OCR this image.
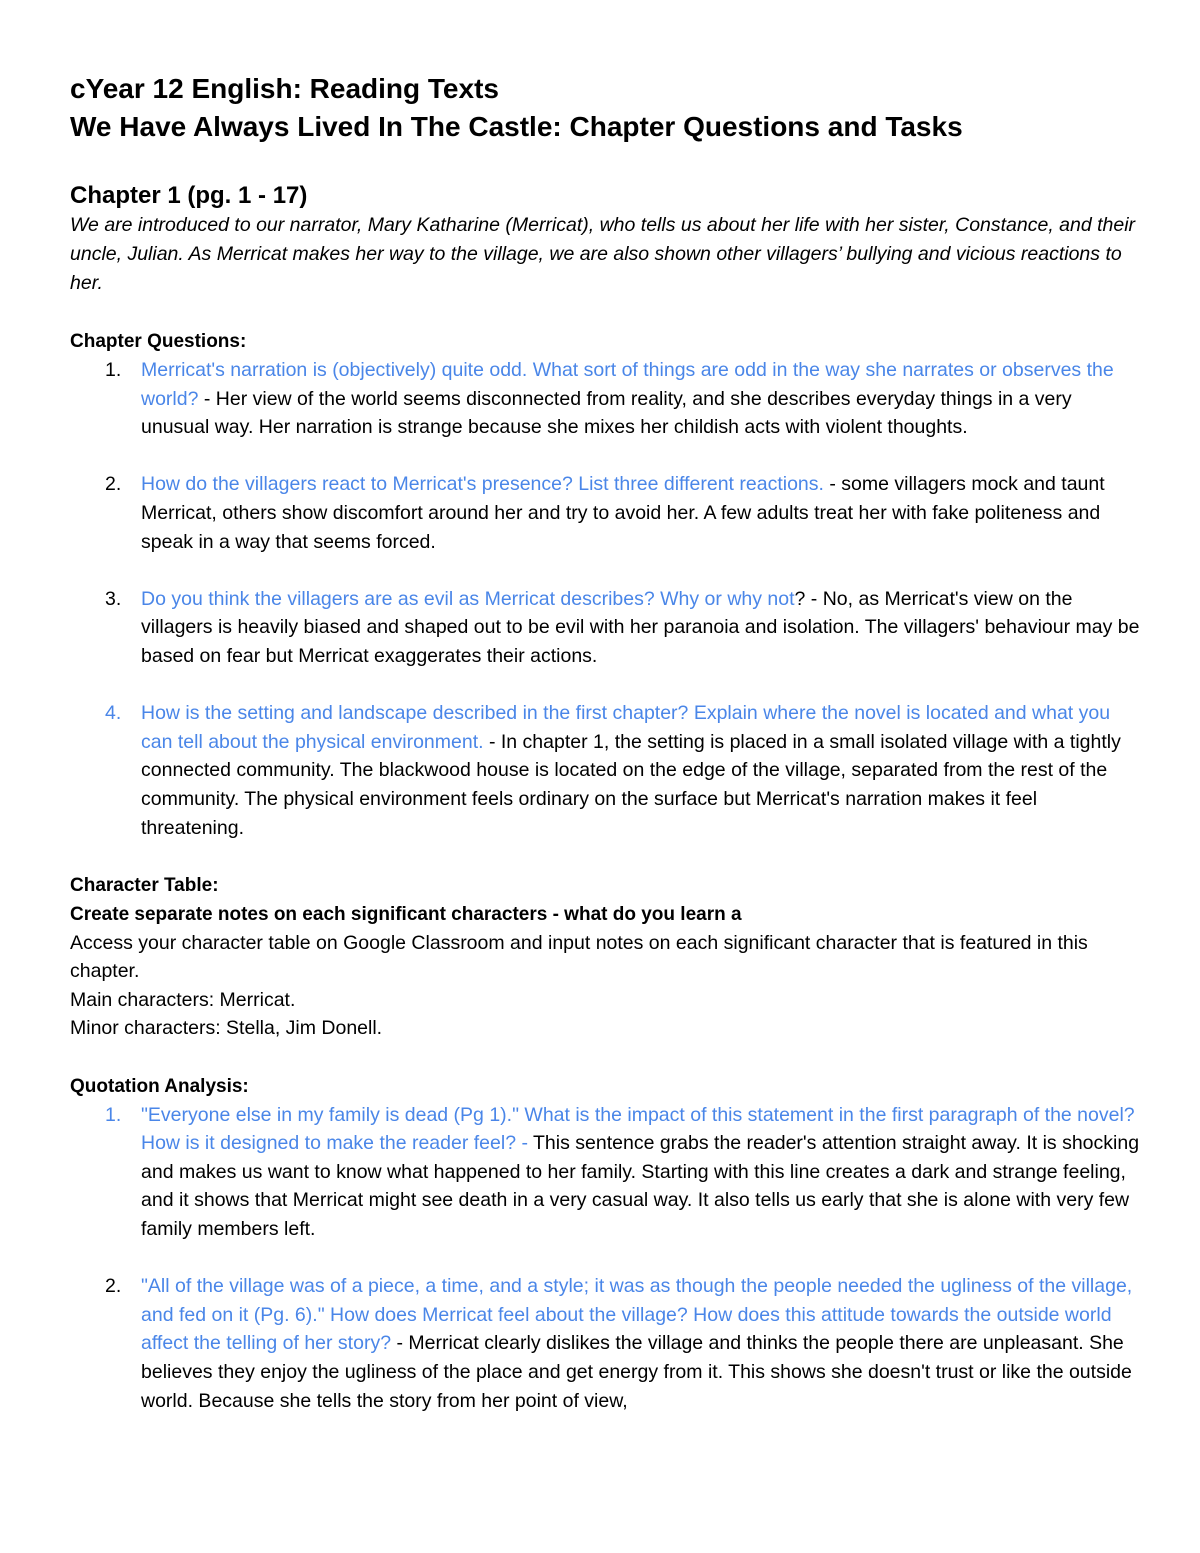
cYear 12 English: Reading Texts
We Have Always Lived In The Castle: Chapter Questions and Tasks
Chapter 1 (pg. 1 - 17)

We are introduced to our narrator, Mary Katharine (Merricat), who tells us about her life with her sister, Constance, and their uncle, Julian. As Merricat makes her way to the village, we are also shown other villagers’ bullying and vicious reactions to her.

Chapter Questions:

1. Merricat's narration is (objectively) quite odd. What sort of things are odd in the way she narrates or observes the world? - Her view of the world seems disconnected from reality, and she describes everyday things in a very unusual way. Her narration is strange because she mixes her childish acts with violent thoughts.
2. How do the villagers react to Merricat's presence? List three different reactions. - some villagers mock and taunt Merricat, others show discomfort around her and try to avoid her. A few adults treat her with fake politeness and speak in a way that seems forced.
3. Do you think the villagers are as evil as Merricat describes? Why or why not? - No, as Merricat's view on the villagers is heavily biased and shaped out to be evil with her paranoia and isolation. The villagers' behaviour may be based on fear but Merricat exaggerates their actions.
4. How is the setting and landscape described in the first chapter? Explain where the novel is located and what you can tell about the physical environment. - In chapter 1, the setting is placed in a small isolated village with a tightly connected community. The blackwood house is located on the edge of the village, separated from the rest of the community. The physical environment feels ordinary on the surface but Merricat's narration makes it feel threatening.

Character Table:

Create separate notes on each significant characters - what do you learn a

Access your character table on Google Classroom and input notes on each significant character that is featured in this chapter.

Main characters: Merricat.

Minor characters: Stella, Jim Donell.

Quotation Analysis:

1. "Everyone else in my family is dead (Pg 1)." What is the impact of this statement in the first paragraph of the novel? How is it designed to make the reader feel? - This sentence grabs the reader's attention straight away. It is shocking and makes us want to know what happened to her family. Starting with this line creates a dark and strange feeling, and it shows that Merricat might see death in a very casual way. It also tells us early that she is alone with very few family members left.
2. "All of the village was of a piece, a time, and a style; it was as though the people needed the ugliness of the village, and fed on it (Pg. 6)." How does Merricat feel about the village? How does this attitude towards the outside world affect the telling of her story? - Merricat clearly dislikes the village and thinks the people there are unpleasant. She believes they enjoy the ugliness of the place and get energy from it. This shows she doesn't trust or like the outside world. Because she tells the story from her point of view,
